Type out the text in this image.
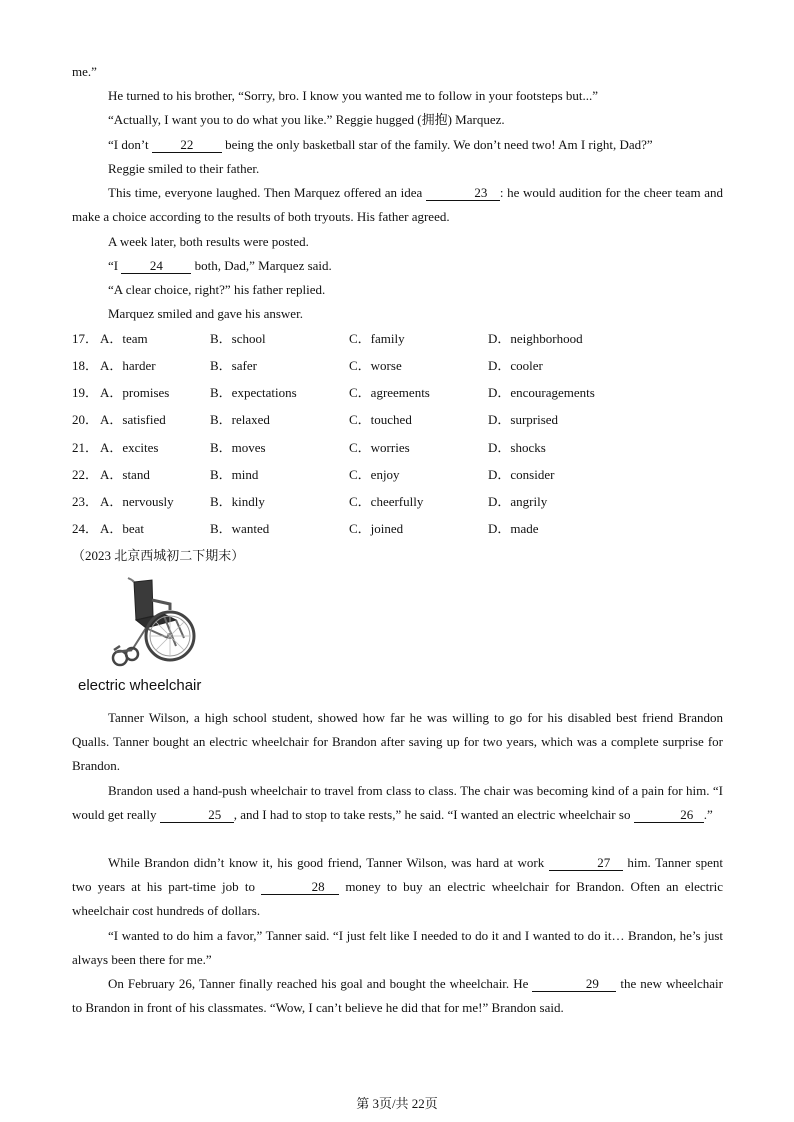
me.”

He turned to his brother, “Sorry, bro. I know you wanted me to follow in your footsteps but...”

“Actually, I want you to do what you like.” Reggie hugged (拥抱) Marquez.

“I don’t 22 being the only basketball star of the family. We don’t need two! Am I right, Dad?”

Reggie smiled to their father.

This time, everyone laughed. Then Marquez offered an idea	23 : he would audition for the cheer team and make a choice according to the results of both tryouts. His father agreed.

A week later, both results were posted.

“I 24 both, Dad,” Marquez said.

“A clear choice, right?” his father replied.

Marquez smiled and gave his answer.

17． A．team	B．school	C．family	D．neighborhood
18． A．harder	B．safer	C．worse	D．cooler
19． A．promises	B．expectations	C．agreements	D．encouragements
20． A．satisfied	B．relaxed	C．touched	D．surprised
21． A．excites	B．moves	C．worries	D．shocks
22． A．stand	B．mind	C．enjoy	D．consider
23． A．nervously	B．kindly	C．cheerfully	D．angrily
24． A．beat	B．wanted	C．joined	D．made
（2023 北京西城初二下期末）
electric wheelchair

Tanner Wilson, a high school student, showed how far he was willing to go for his disabled best friend Brandon Qualls. Tanner bought an electric wheelchair for Brandon after saving up for two years, which was a complete surprise for Brandon.

Brandon used a hand-push wheelchair to travel from class to class. The chair was becoming kind of a pain for him. “I would get really	25 , and I had to stop to take rests,” he said. “I wanted an electric wheelchair so	26 .”

While Brandon didn’t know it, his good friend, Tanner Wilson, was hard at work	27 him. Tanner spent two years at his part-time job to	28 money to buy an electric wheelchair for Brandon. Often an electric wheelchair cost hundreds of dollars.

“I wanted to do him a favor,” Tanner said. “I just felt like I needed to do it and I wanted to do it… Brandon, he’s just always been there for me.”

On February 26, Tanner finally reached his goal and bought the wheelchair. He	29 the new wheelchair to Brandon in front of his classmates. “Wow, I can’t believe he did that for me!” Brandon said.

第 3页/共 22页
